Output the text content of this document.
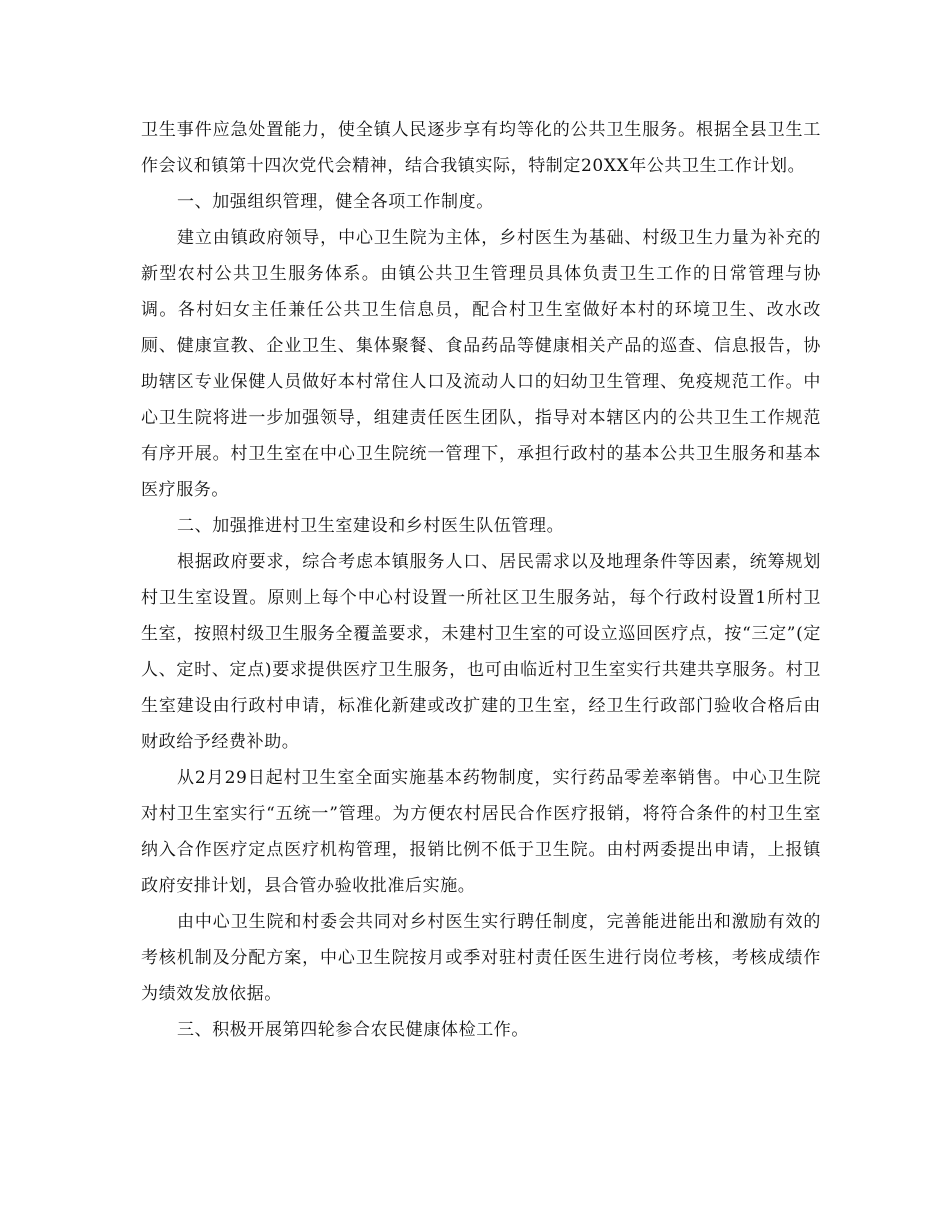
卫生事件应急处置能力，使全镇人民逐步享有均等化的公共卫生服务。根据全县卫生工作会议和镇第十四次党代会精神，结合我镇实际，特制定20XX年公共卫生工作计划。

一、加强组织管理，健全各项工作制度。

建立由镇政府领导，中心卫生院为主体，乡村医生为基础、村级卫生力量为补充的新型农村公共卫生服务体系。由镇公共卫生管理员具体负责卫生工作的日常管理与协调。各村妇女主任兼任公共卫生信息员，配合村卫生室做好本村的环境卫生、改水改厕、健康宣教、企业卫生、集体聚餐、食品药品等健康相关产品的巡查、信息报告，协助辖区专业保健人员做好本村常住人口及流动人口的妇幼卫生管理、免疫规范工作。中心卫生院将进一步加强领导，组建责任医生团队，指导对本辖区内的公共卫生工作规范有序开展。村卫生室在中心卫生院统一管理下，承担行政村的基本公共卫生服务和基本医疗服务。

二、加强推进村卫生室建设和乡村医生队伍管理。

根据政府要求，综合考虑本镇服务人口、居民需求以及地理条件等因素，统筹规划村卫生室设置。原则上每个中心村设置一所社区卫生服务站，每个行政村设置1所村卫生室，按照村级卫生服务全覆盖要求，未建村卫生室的可设立巡回医疗点，按“三定”(定人、定时、定点)要求提供医疗卫生服务，也可由临近村卫生室实行共建共享服务。村卫生室建设由行政村申请，标准化新建或改扩建的卫生室，经卫生行政部门验收合格后由财政给予经费补助。

从2月29日起村卫生室全面实施基本药物制度，实行药品零差率销售。中心卫生院对村卫生室实行“五统一”管理。为方便农村居民合作医疗报销，将符合条件的村卫生室纳入合作医疗定点医疗机构管理，报销比例不低于卫生院。由村两委提出申请，上报镇政府安排计划，县合管办验收批准后实施。

由中心卫生院和村委会共同对乡村医生实行聘任制度，完善能进能出和激励有效的考核机制及分配方案，中心卫生院按月或季对驻村责任医生进行岗位考核，考核成绩作为绩效发放依据。

三、积极开展第四轮参合农民健康体检工作。
